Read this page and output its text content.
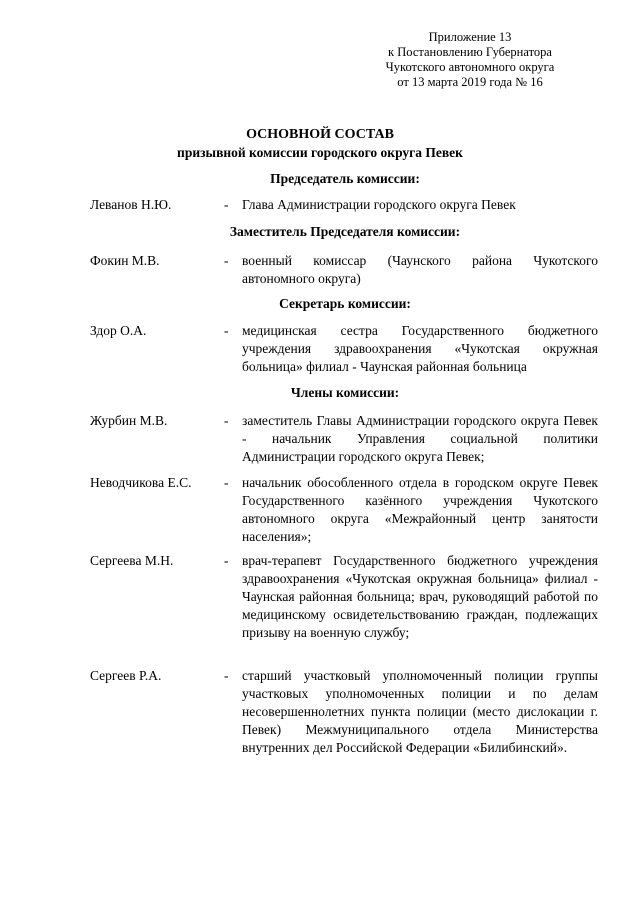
Приложение 13
к Постановлению Губернатора
Чукотского автономного округа
от 13 марта 2019 года № 16
ОСНОВНОЙ СОСТАВ
призывной комиссии городского округа Певек
Председатель комиссии:
Леванов Н.Ю.	- Глава Администрации городского округа Певек
Заместитель Председателя комиссии:
Фокин М.В.	- военный комиссар (Чаунского района Чукотского автономного округа)
Секретарь комиссии:
Здор О.А.	- медицинская сестра Государственного бюджетного учреждения здравоохранения «Чукотская окружная больница» филиал - Чаунская районная больница
Члены комиссии:
Журбин М.В.	- заместитель Главы Администрации городского округа Певек - начальник Управления социальной политики Администрации городского округа Певек;
Неводчикова Е.С.	- начальник обособленного отдела в городском округе Певек Государственного казённого учреждения Чукотского автономного округа «Межрайонный центр занятости населения»;
Сергеева М.Н.	- врач-терапевт Государственного бюджетного учреждения здравоохранения «Чукотская окружная больница» филиал - Чаунская районная больница; врач, руководящий работой по медицинскому освидетельствованию граждан, подлежащих призыву на военную службу;
Сергеев Р.А.	- старший участковый уполномоченный полиции группы участковых уполномоченных полиции и по делам несовершеннолетних пункта полиции (место дислокации г. Певек) Межмуниципального отдела Министерства внутренних дел Российской Федерации «Билибинский».
